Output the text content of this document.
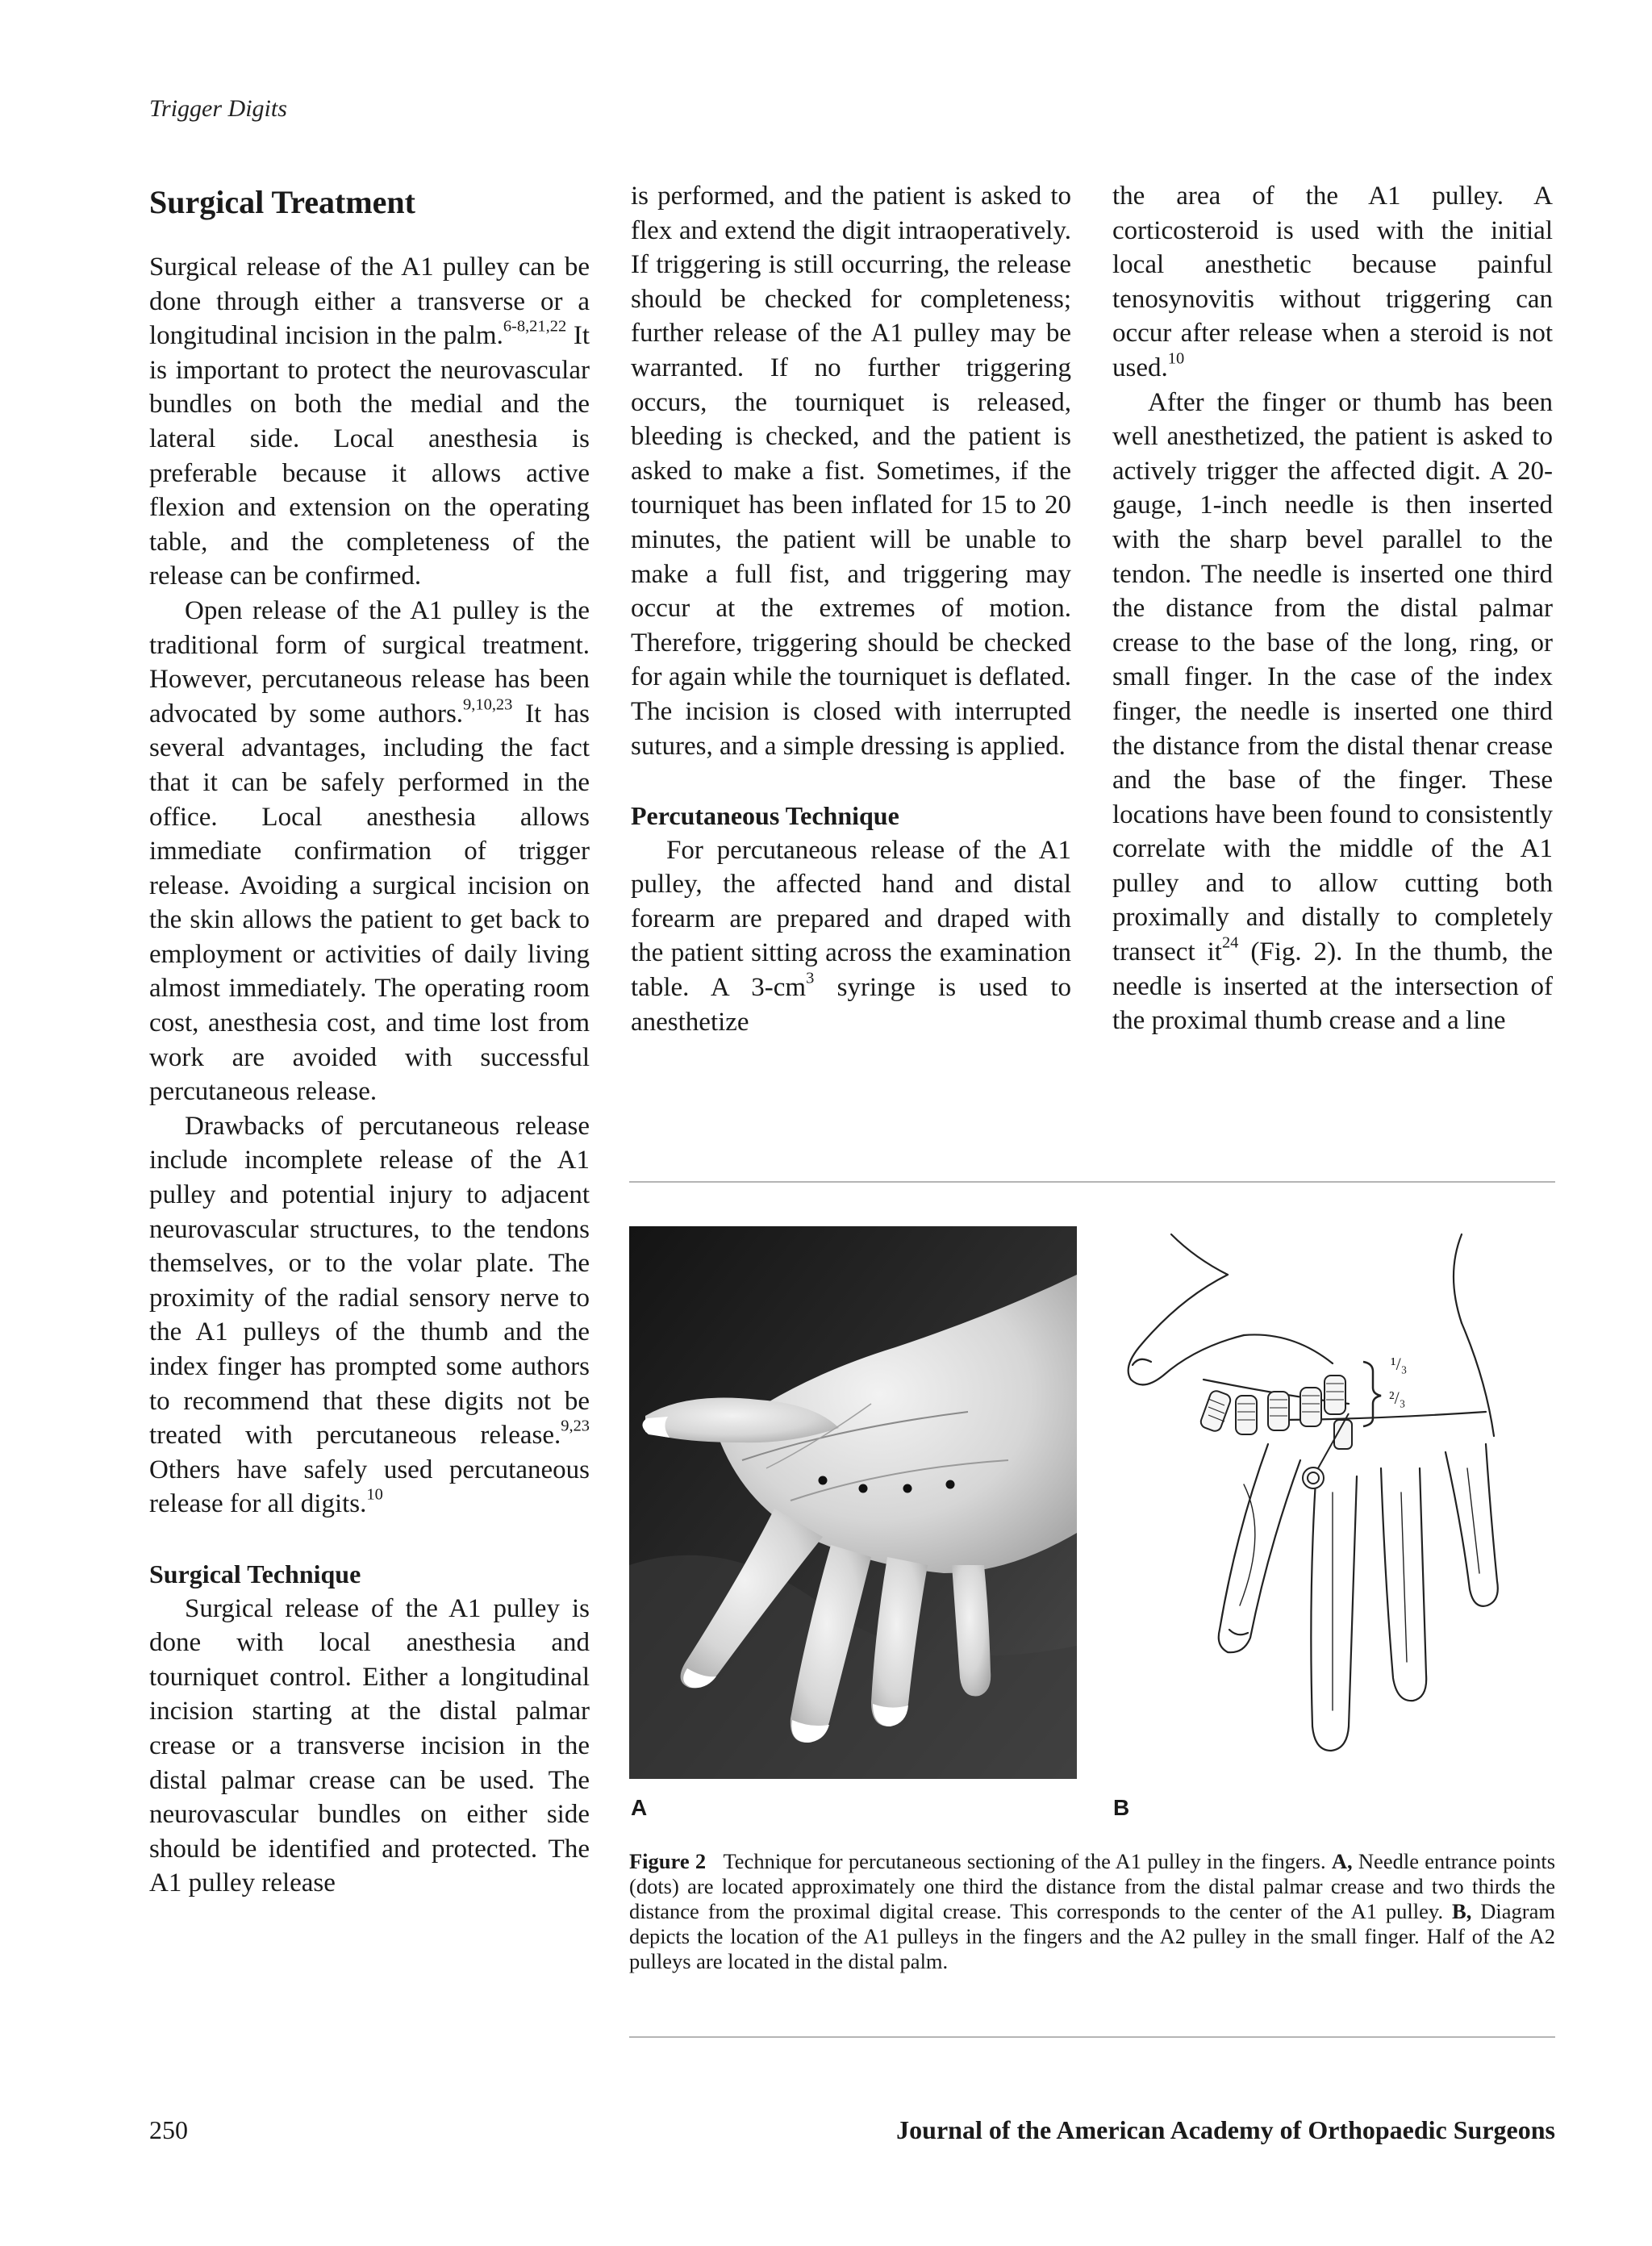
Trigger Digits
Surgical Treatment

Surgical release of the A1 pulley can be done through either a transverse or a longitudinal incision in the palm.$^{6-8,21,22}$ It is important to protect the neurovascular bundles on both the medial and the lateral side. Local anesthesia is preferable because it allows active flexion and extension on the operating table, and the completeness of the release can be confirmed.

Open release of the A1 pulley is the traditional form of surgical treatment. However, percutaneous release has been advocated by some authors.$^{9,10,23}$ It has several advantages, including the fact that it can be safely performed in the office. Local anesthesia allows immediate confirmation of trigger release. Avoiding a surgical incision on the skin allows the patient to get back to employment or activities of daily living almost immediately. The operating room cost, anesthesia cost, and time lost from work are avoided with successful percutaneous release.

Drawbacks of percutaneous release include incomplete release of the A1 pulley and potential injury to adjacent neurovascular structures, to the tendons themselves, or to the volar plate. The proximity of the radial sensory nerve to the A1 pulleys of the thumb and the index finger has prompted some authors to recommend that these digits not be treated with percutaneous release.$^{9,23}$ Others have safely used percutaneous release for all digits.$^{10}$

Surgical Technique

Surgical release of the A1 pulley is done with local anesthesia and tourniquet control. Either a longitudinal incision starting at the distal palmar crease or a transverse incision in the distal palmar crease can be used. The neurovascular bundles on either side should be identified and protected. The A1 pulley release

is performed, and the patient is asked to flex and extend the digit intraoperatively. If triggering is still occurring, the release should be checked for completeness; further release of the A1 pulley may be warranted. If no further triggering occurs, the tourniquet is released, bleeding is checked, and the patient is asked to make a fist. Sometimes, if the tourniquet has been inflated for 15 to 20 minutes, the patient will be unable to make a full fist, and triggering may occur at the extremes of motion. Therefore, triggering should be checked for again while the tourniquet is deflated. The incision is closed with interrupted sutures, and a simple dressing is applied.

Percutaneous Technique

For percutaneous release of the A1 pulley, the affected hand and distal forearm are prepared and draped with the patient sitting across the examination table. A $3-cm^3$ syringe is used to anesthetize

the area of the A1 pulley. A corticosteroid is used with the initial local anesthetic because painful tenosynovitis without triggering can occur after release when a steroid is not used.$^{10}$

After the finger or thumb has been well anesthetized, the patient is asked to actively trigger the affected digit. A 20-gauge, 1-inch needle is then inserted with the sharp bevel parallel to the tendon. The needle is inserted one third the distance from the distal palmar crease to the base of the long, ring, or small finger. In the case of the index finger, the needle is inserted one third the distance from the distal thenar crease and the base of the finger. These locations have been found to consistently correlate with the middle of the A1 pulley and to allow cutting both proximally and distally to completely transect $it^{24}$ (Fig. 2). In the thumb, the needle is inserted at the intersection of the proximal thumb crease and a line

¹/₃
²/₃
A	B
Figure 2 Technique for percutaneous sectioning of the A1 pulley in the fingers. A, Needle entrance points (dots) are located approximately one third the distance from the distal palmar crease and two thirds the distance from the proximal digital crease. This corresponds to the center of the A1 pulley. B, Diagram depicts the location of the A1 pulleys in the fingers and the A2 pulley in the small finger. Half of the A2 pulleys are located in the distal palm.
250	Journal of the American Academy of Orthopaedic Surgeons
